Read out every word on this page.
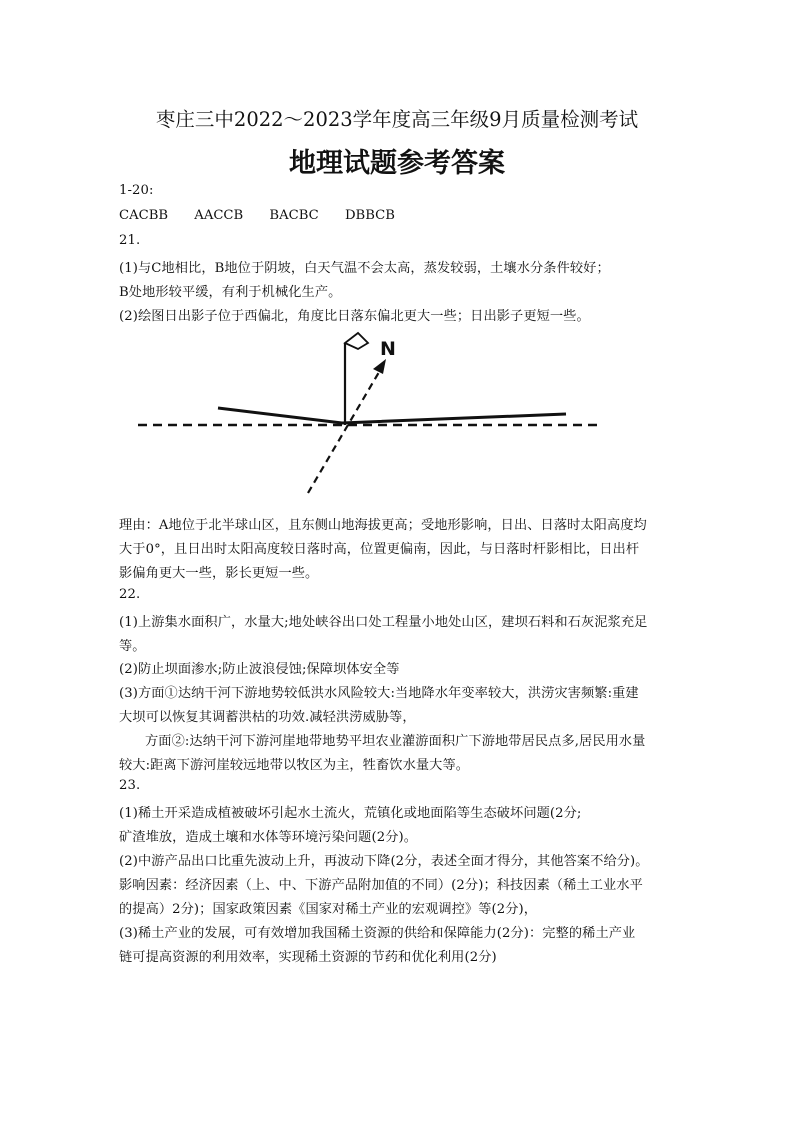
枣庄三中2022～2023学年度高三年级9月质量检测考试
地理试题参考答案
1-20:
CACBB AACCB BACBC DBBCB
21.
(1)与C地相比，B地位于阴坡，白天气温不会太高，蒸发较弱，土壤水分条件较好；
B处地形较平缓，有利于机械化生产。
(2)绘图日出影子位于西偏北，角度比日落东偏北更大一些；日出影子更短一些。
N
理由：A地位于北半球山区，且东侧山地海拔更高；受地形影响，日出、日落时太阳高度均
大于0°，且日出时太阳高度较日落时高，位置更偏南，因此，与日落时杆影相比，日出杆
影偏角更大一些，影长更短一些。
22.
(1)上游集水面积广，水量大;地处峡谷出口处工程量小地处山区，建坝石料和石灰泥浆充足
等。
(2)防止坝面渗水;防止波浪侵蚀;保障坝体安全等
(3)方面①达纳干河下游地势较低洪水风险较大:当地降水年变率较大，洪涝灾害频繁:重建
大坝可以恢复其调蓄洪枯的功效.减轻洪涝威胁等，
方面②:达纳干河下游河崖地带地势平坦农业灌游面积广下游地带居民点多,居民用水量
较大:距离下游河崖较远地带以牧区为主，牲畜饮水量大等。
23.
(1)稀土开采造成植被破坏引起水土流火，荒镇化或地面陷等生态破坏问题(2分;
矿渣堆放，造成土壤和水体等环境污染问题(2分)。
(2)中游产品出口比重先波动上升，再波动下降(2分，表述全面才得分，其他答案不给分)。
影响因素：经济因素（上、中、下游产品附加值的不同）(2分)；科技因素（稀土工业水平
的提高）2分)；国家政策因素《国家对稀土产业的宏观调控》等(2分)，
(3)稀土产业的发展，可有效增加我国稀土资源的供给和保障能力(2分)：完整的稀土产业
链可提高资源的利用效率，实现稀土资源的节药和优化利用(2分)
